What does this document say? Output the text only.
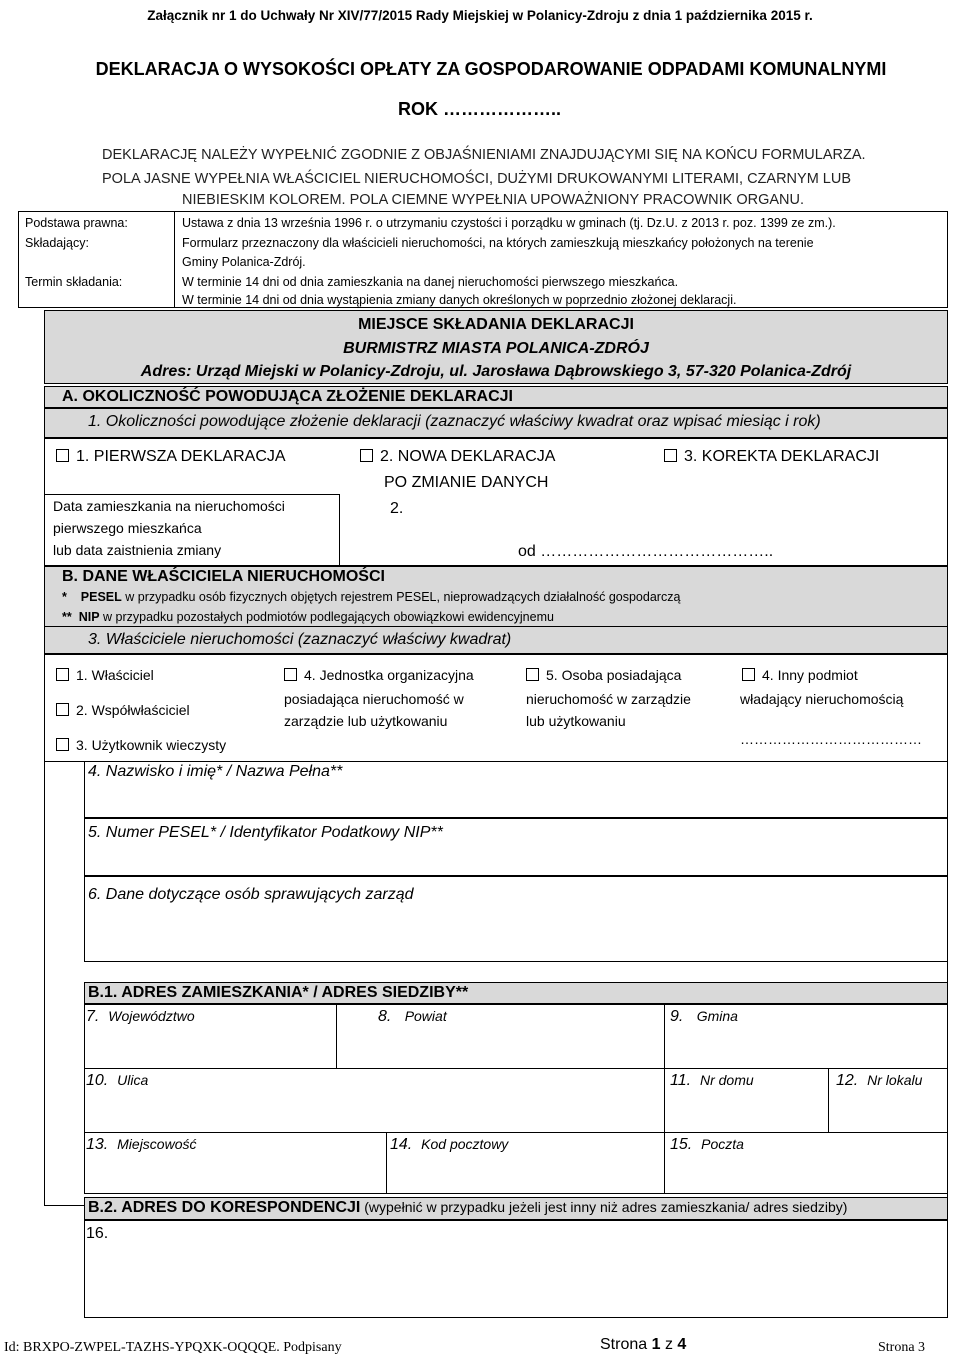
Załącznik nr 1 do Uchwały Nr XIV/77/2015 Rady Miejskiej w Polanicy-Zdroju z dnia 1 października 2015 r.
DEKLARACJA O WYSOKOŚCI OPŁATY ZA GOSPODAROWANIE ODPADAMI KOMUNALNYMI
ROK ………………..
DEKLARACJĘ NALEŻY WYPEŁNIĆ ZGODNIE Z OBJAŚNIENIAMI ZNAJDUJĄCYMI SIĘ NA KOŃCU FORMULARZA.
POLA JASNE WYPEŁNIA WŁAŚCICIEL NIERUCHOMOŚCI, DUŻYMI DRUKOWANYMI LITERAMI, CZARNYM LUB
NIEBIESKIM KOLOREM. POLA CIEMNE WYPEŁNIA UPOWAŻNIONY PRACOWNIK ORGANU.
Podstawa prawna:	Ustawa z dnia 13 września 1996 r. o utrzymaniu czystości i porządku w gminach (tj. Dz.U. z 2013 r. poz. 1399 ze zm.).
Składający:	Formularz przeznaczony dla właścicieli nieruchomości, na których zamieszkują mieszkańcy położonych na terenie
Gminy Polanica-Zdrój.
Termin składania:	W terminie 14 dni od dnia zamieszkania na danej nieruchomości pierwszego mieszkańca.
W terminie 14 dni od dnia wystąpienia zmiany danych określonych w poprzednio złożonej deklaracji.
MIEJSCE SKŁADANIA DEKLARACJI
BURMISTRZ MIASTA POLANICA-ZDRÓJ
Adres: Urząd Miejski w Polanicy-Zdroju, ul. Jarosława Dąbrowskiego 3, 57-320 Polanica-Zdrój
A. OKOLICZNOŚĆ POWODUJĄCA ZŁOŻENIE DEKLARACJI
1. Okoliczności powodujące złożenie deklaracji (zaznaczyć właściwy kwadrat oraz wpisać miesiąc i rok)
1. PIERWSZA DEKLARACJA	2. NOWA DEKLARACJA
PO ZMIANIE DANYCH
3. KOREKTA DEKLARACJI
Data zamieszkania na nieruchomości
pierwszego mieszkańca
lub data zaistnienia zmiany
2.
od ……………………………………..
B. DANE WŁAŚCICIELA NIERUCHOMOŚCI
* PESEL w przypadku osób fizycznych objętych rejestrem PESEL, nieprowadzących działalność gospodarczą
** NIP w przypadku pozostałych podmiotów podlegających obowiązkowi ewidencyjnemu
3. Właściciele nieruchomości (zaznaczyć właściwy kwadrat)
1. Właściciel
2. Współwłaściciel
3. Użytkownik wieczysty
4. Jednostka organizacyjna
posiadająca nieruchomość w
zarządzie lub użytkowaniu
5. Osoba posiadająca
nieruchomość w zarządzie
lub użytkowaniu
4. Inny podmiot
władający nieruchomością
…………………………………
4. Nazwisko i imię* / Nazwa Pełna**
5. Numer PESEL* / Identyfikator Podatkowy NIP**
6. Dane dotyczące osób sprawujących zarząd
B.1. ADRES ZAMIESZKANIA* / ADRES SIEDZIBY**
7. Województwo	8. Powiat	9. Gmina
10. Ulica	11. Nr domu	12. Nr lokalu
13. Miejscowość	14. Kod pocztowy	15. Poczta
B.2. ADRES DO KORESPONDENCJI (wypełnić w przypadku jeżeli jest inny niż adres zamieszkania/ adres siedziby)
16.
Id: BRXPO-ZWPEL-TAZHS-YPQXK-OQQQE. Podpisany	Strona 1 z 4	Strona 3
